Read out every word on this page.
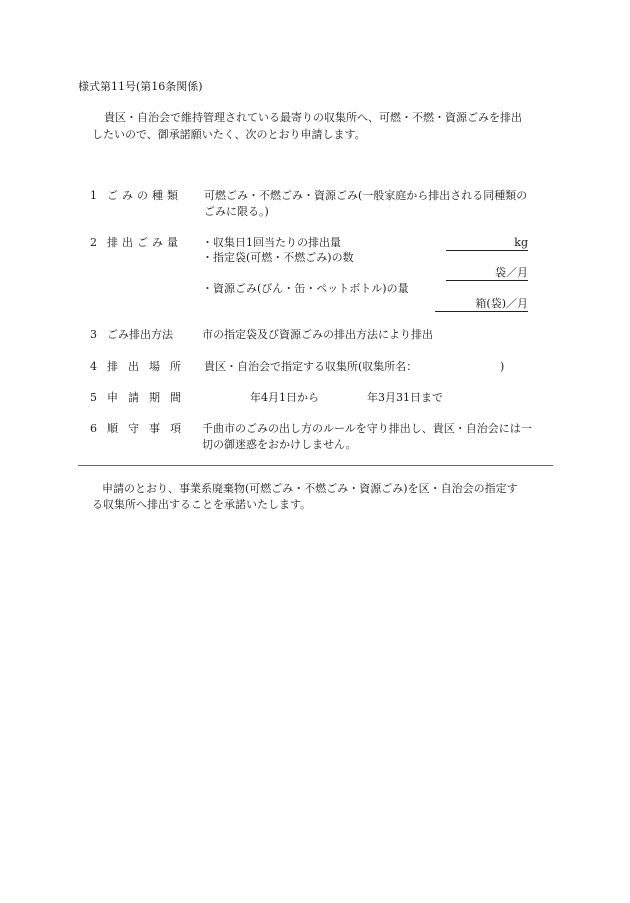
様式第11号(第16条関係)
貴区・自治会で維持管理されている最寄りの収集所へ、可燃・不燃・資源ごみを排出
したいので、御承諾願いたく、次のとおり申請します。
1 ごみの種類 可燃ごみ・不燃ごみ・資源ごみ(一般家庭から排出される同種類の
ごみに限る。)
2 排出ごみ量 ・収集日1回当たりの排出量	kg
・指定袋(可燃・不燃ごみ)の数
袋／月
・資源ごみ(びん・缶・ペットボトル)の量
箱(袋)／月
3 ごみ排出方法	市の指定袋及び資源ごみの排出方法により排出
4 排出場所 貴区・自治会で指定する収集所(収集所名：	)
5 申請期間	年4月1日から	年3月31日まで
6 順守事項 千曲市のごみの出し方のルールを守り排出し、貴区・自治会には一
切の御迷惑をおかけしません。
申請のとおり、事業系廃棄物(可燃ごみ・不燃ごみ・資源ごみ)を区・自治会の指定す
る収集所へ排出することを承諾いたします。
